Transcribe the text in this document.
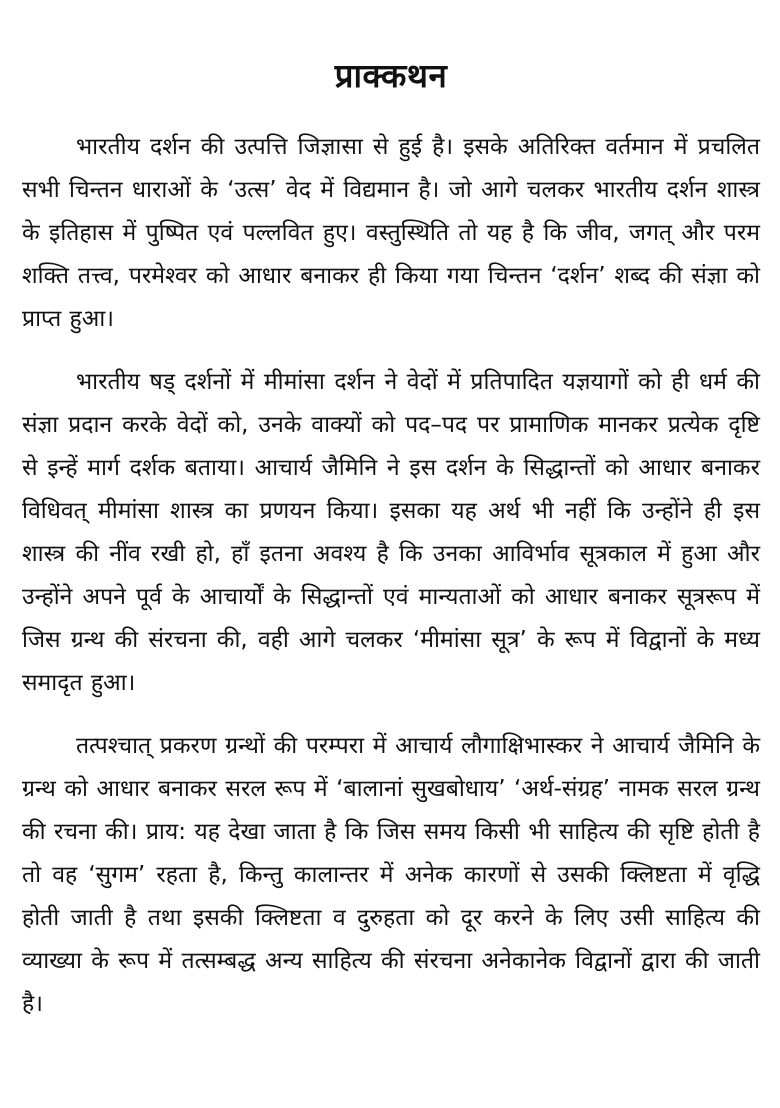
प्राक्कथन

भारतीय दर्शन की उत्पत्ति जिज्ञासा से हुई है। इसके अतिरिक्त वर्तमान में प्रचलित सभी चिन्तन धाराओं के ‘उत्स’ वेद में विद्यमान है। जो आगे चलकर भारतीय दर्शन शास्त्र के इतिहास में पुष्पित एवं पल्लवित हुए। वस्तुस्थिति तो यह है कि जीव, जगत् और परम शक्ति तत्त्व, परमेश्वर को आधार बनाकर ही किया गया चिन्तन ‘दर्शन’ शब्द की संज्ञा को प्राप्त हुआ।

भारतीय षड् दर्शनों में मीमांसा दर्शन ने वेदों में प्रतिपादित यज्ञयागों को ही धर्म की संज्ञा प्रदान करके वेदों को, उनके वाक्यों को पद–पद पर प्रामाणिक मानकर प्रत्येक दृष्टि से इन्हें मार्ग दर्शक बताया। आचार्य जैमिनि ने इस दर्शन के सिद्धान्तों को आधार बनाकर विधिवत् मीमांसा शास्त्र का प्रणयन किया। इसका यह अर्थ भी नहीं कि उन्होंने ही इस शास्त्र की नींव रखी हो, हाँ इतना अवश्य है कि उनका आविर्भाव सूत्रकाल में हुआ और उन्होंने अपने पूर्व के आचार्यों के सिद्धान्तों एवं मान्यताओं को आधार बनाकर सूत्ररूप में जिस ग्रन्थ की संरचना की, वही आगे चलकर ‘मीमांसा सूत्र’ के रूप में विद्वानों के मध्य समादृत हुआ।

तत्पश्चात् प्रकरण ग्रन्थों की परम्परा में आचार्य लौगाक्षिभास्कर ने आचार्य जैमिनि के ग्रन्थ को आधार बनाकर सरल रूप में ‘बालानां सुखबोधाय’ ‘अर्थ-संग्रह’ नामक सरल ग्रन्थ की रचना की। प्राय: यह देखा जाता है कि जिस समय किसी भी साहित्य की सृष्टि होती है तो वह ‘सुगम’ रहता है, किन्तु कालान्तर में अनेक कारणों से उसकी क्लिष्टता में वृद्धि होती जाती है तथा इसकी क्लिष्टता व दुरुहता को दूर करने के लिए उसी साहित्य की व्याख्या के रूप में तत्सम्बद्ध अन्य साहित्य की संरचना अनेकानेक विद्वानों द्वारा की जाती है।
